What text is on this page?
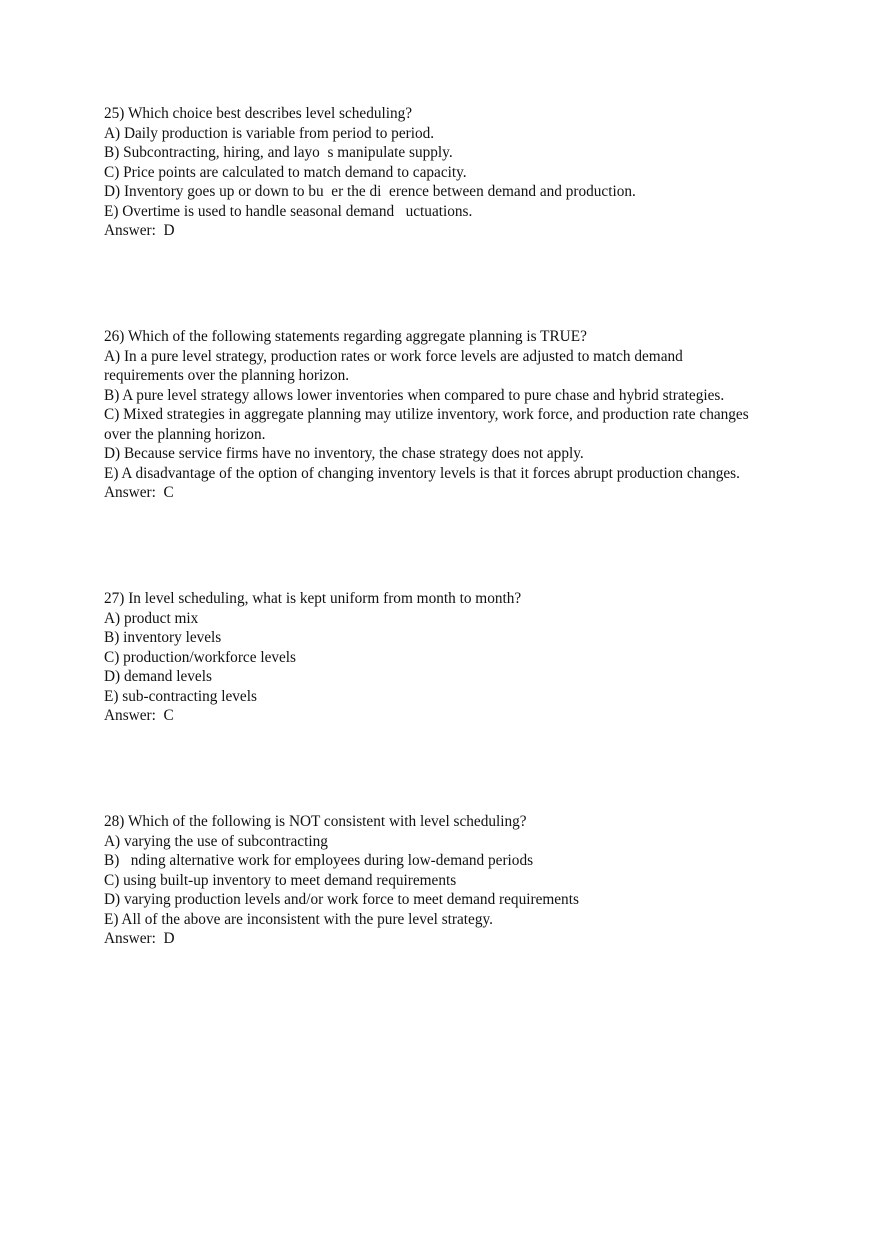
25) Which choice best describes level scheduling?
A) Daily production is variable from period to period.
B) Subcontracting, hiring, and layo  s manipulate supply.
C) Price points are calculated to match demand to capacity.
D) Inventory goes up or down to bu  er the di  erence between demand and production.
E) Overtime is used to handle seasonal demand   uctuations.
Answer:  D
26) Which of the following statements regarding aggregate planning is TRUE?
A) In a pure level strategy, production rates or work force levels are adjusted to match demand
requirements over the planning horizon.
B) A pure level strategy allows lower inventories when compared to pure chase and hybrid strategies.
C) Mixed strategies in aggregate planning may utilize inventory, work force, and production rate changes
over the planning horizon.
D) Because service firms have no inventory, the chase strategy does not apply.
E) A disadvantage of the option of changing inventory levels is that it forces abrupt production changes.
Answer:  C
27) In level scheduling, what is kept uniform from month to month?
A) product mix
B) inventory levels
C) production/workforce levels
D) demand levels
E) sub-contracting levels
Answer:  C
28) Which of the following is NOT consistent with level scheduling?
A) varying the use of subcontracting
B)   nding alternative work for employees during low-demand periods
C) using built-up inventory to meet demand requirements
D) varying production levels and/or work force to meet demand requirements
E) All of the above are inconsistent with the pure level strategy.
Answer:  D
